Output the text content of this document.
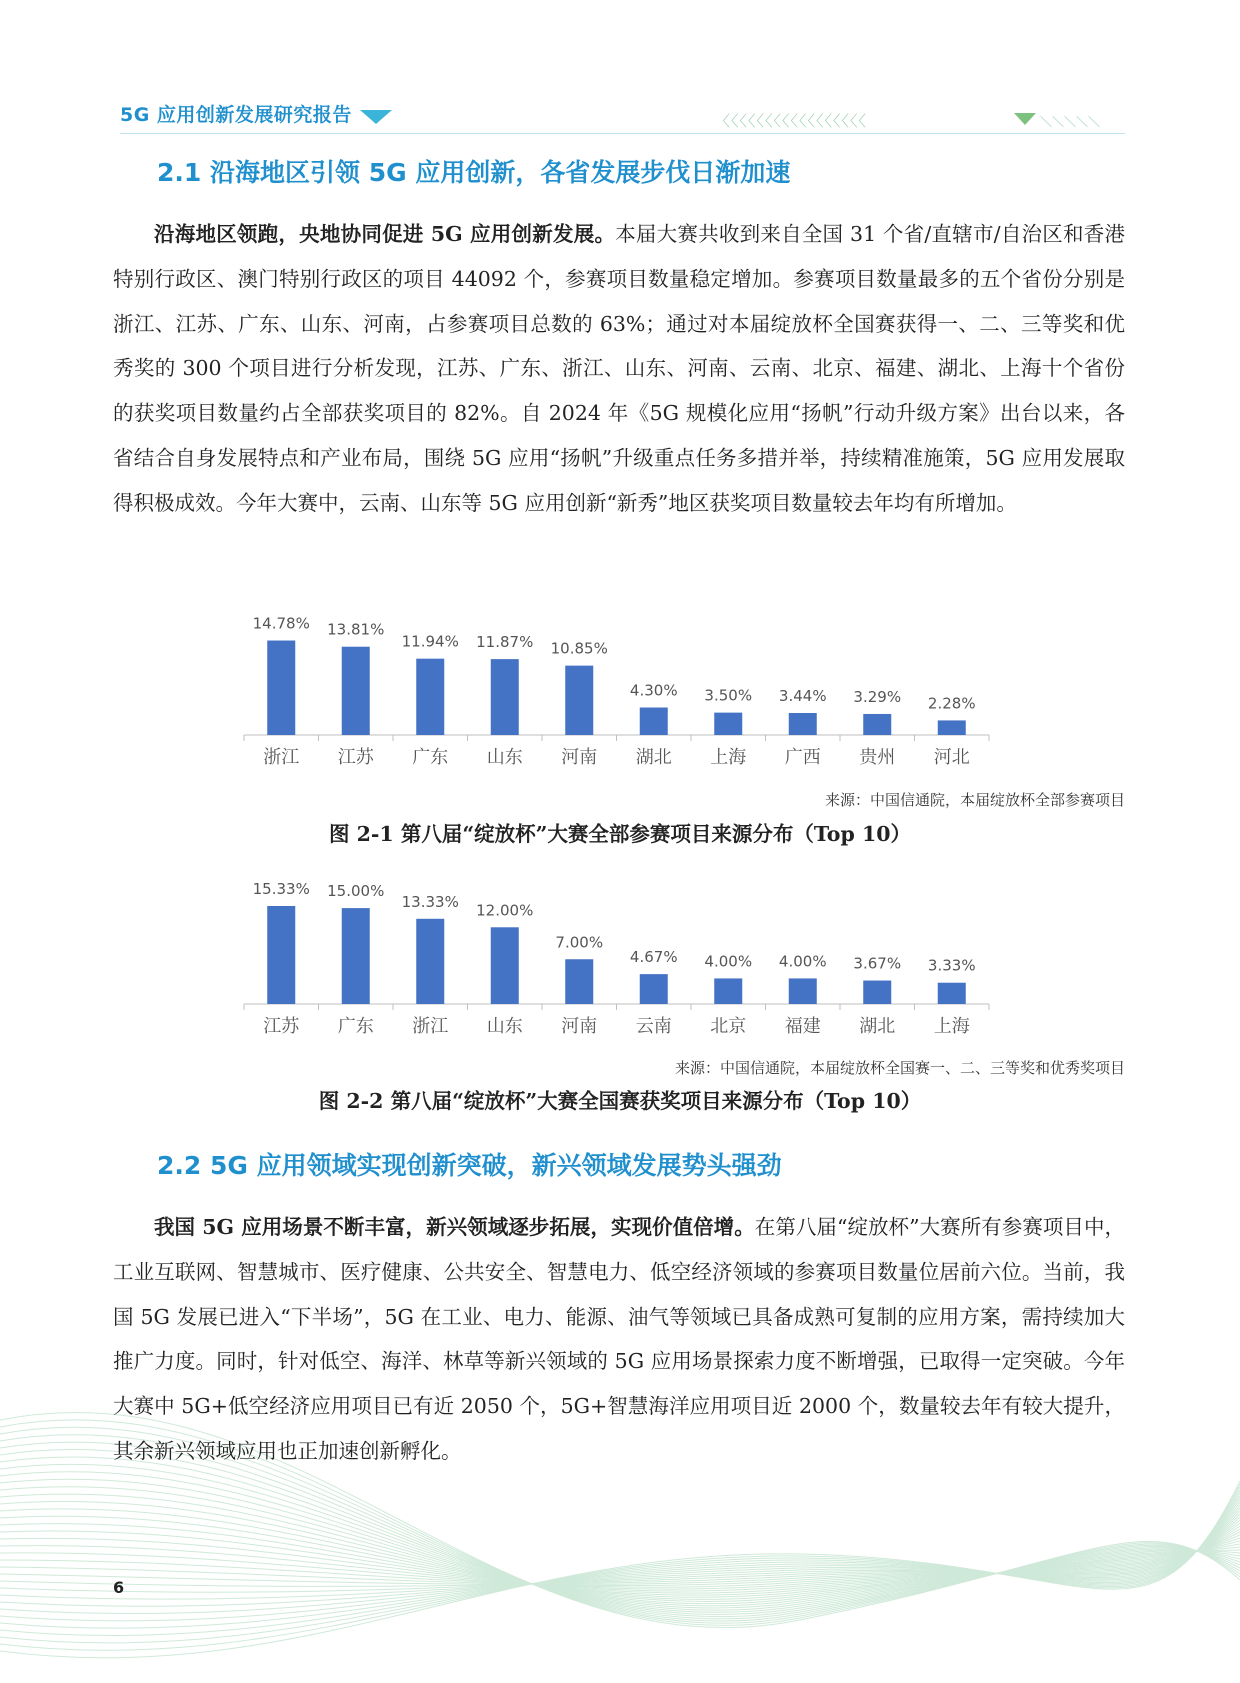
5G 应用创新发展研究报告	〈〈〈〈〈〈〈〈〈〈〈〈〈〈〈〈〈	＼＼＼＼＼
2.1 沿海地区引领 5G 应用创新，各省发展步伐日渐加速
沿海地区领跑，央地协同促进 5G 应用创新发展。本届大赛共收到来自全国 31 个省/直辖市/自治区和香港特别行政区、澳门特别行政区的项目 44092 个，参赛项目数量稳定增加。参赛项目数量最多的五个省份分别是浙江、江苏、广东、山东、河南，占参赛项目总数的 63%；通过对本届绽放杯全国赛获得一、二、三等奖和优秀奖的 300 个项目进行分析发现，江苏、广东、浙江、山东、河南、云南、北京、福建、湖北、上海十个省份的获奖项目数量约占全部获奖项目的 82%。自 2024 年《5G 规模化应用“扬帆”行动升级方案》出台以来，各省结合自身发展特点和产业布局，围绕 5G 应用“扬帆”升级重点任务多措并举，持续精准施策，5G 应用发展取得积极成效。今年大赛中，云南、山东等 5G 应用创新“新秀”地区获奖项目数量较去年均有所增加。
14.78%
浙江
13.81%
江苏
11.94%
广东
11.87%
山东
10.85%
河南
4.30%
湖北
3.50%
上海
3.44%
广西
3.29%
贵州
2.28%
河北
来源：中国信通院，本届绽放杯全部参赛项目
图 2-1 第八届“绽放杯”大赛全部参赛项目来源分布（Top 10）
15.33%
江苏
15.00%
广东
13.33%
浙江
12.00%
山东
7.00%
河南
4.67%
云南
4.00%
北京
4.00%
福建
3.67%
湖北
3.33%
上海
来源：中国信通院，本届绽放杯全国赛一、二、三等奖和优秀奖项目
图 2-2 第八届“绽放杯”大赛全国赛获奖项目来源分布（Top 10）
2.2 5G 应用领域实现创新突破，新兴领域发展势头强劲
我国 5G 应用场景不断丰富，新兴领域逐步拓展，实现价值倍增。在第八届“绽放杯”大赛所有参赛项目中，工业互联网、智慧城市、医疗健康、公共安全、智慧电力、低空经济领域的参赛项目数量位居前六位。当前，我国 5G 发展已进入“下半场”，5G 在工业、电力、能源、油气等领域已具备成熟可复制的应用方案，需持续加大推广力度。同时，针对低空、海洋、林草等新兴领域的 5G 应用场景探索力度不断增强，已取得一定突破。今年大赛中 5G+低空经济应用项目已有近 2050 个，5G+智慧海洋应用项目近 2000 个，数量较去年有较大提升，其余新兴领域应用也正加速创新孵化。
6
